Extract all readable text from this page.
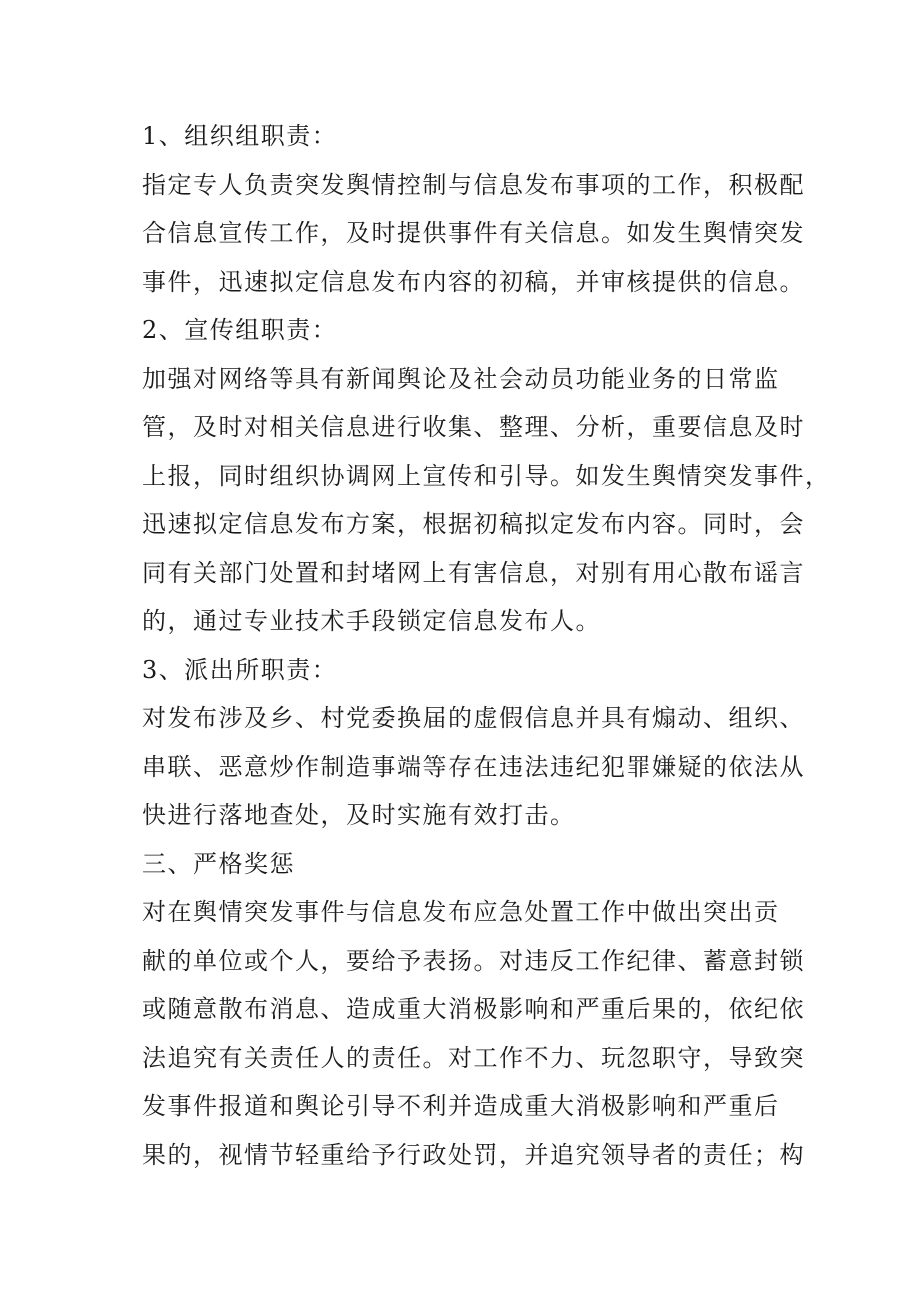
1、组织组职责：

指定专人负责突发舆情控制与信息发布事项的工作，积极配

合信息宣传工作，及时提供事件有关信息。如发生舆情突发

事件，迅速拟定信息发布内容的初稿，并审核提供的信息。

2、宣传组职责：

加强对网络等具有新闻舆论及社会动员功能业务的日常监

管，及时对相关信息进行收集、整理、分析，重要信息及时

上报，同时组织协调网上宣传和引导。如发生舆情突发事件，

迅速拟定信息发布方案，根据初稿拟定发布内容。同时，会

同有关部门处置和封堵网上有害信息，对别有用心散布谣言

的，通过专业技术手段锁定信息发布人。

3、派出所职责：

对发布涉及乡、村党委换届的虚假信息并具有煽动、组织、

串联、恶意炒作制造事端等存在违法违纪犯罪嫌疑的依法从

快进行落地查处，及时实施有效打击。

三、严格奖惩

对在舆情突发事件与信息发布应急处置工作中做出突出贡

献的单位或个人，要给予表扬。对违反工作纪律、蓄意封锁

或随意散布消息、造成重大消极影响和严重后果的，依纪依

法追究有关责任人的责任。对工作不力、玩忽职守，导致突

发事件报道和舆论引导不利并造成重大消极影响和严重后

果的，视情节轻重给予行政处罚，并追究领导者的责任；构
